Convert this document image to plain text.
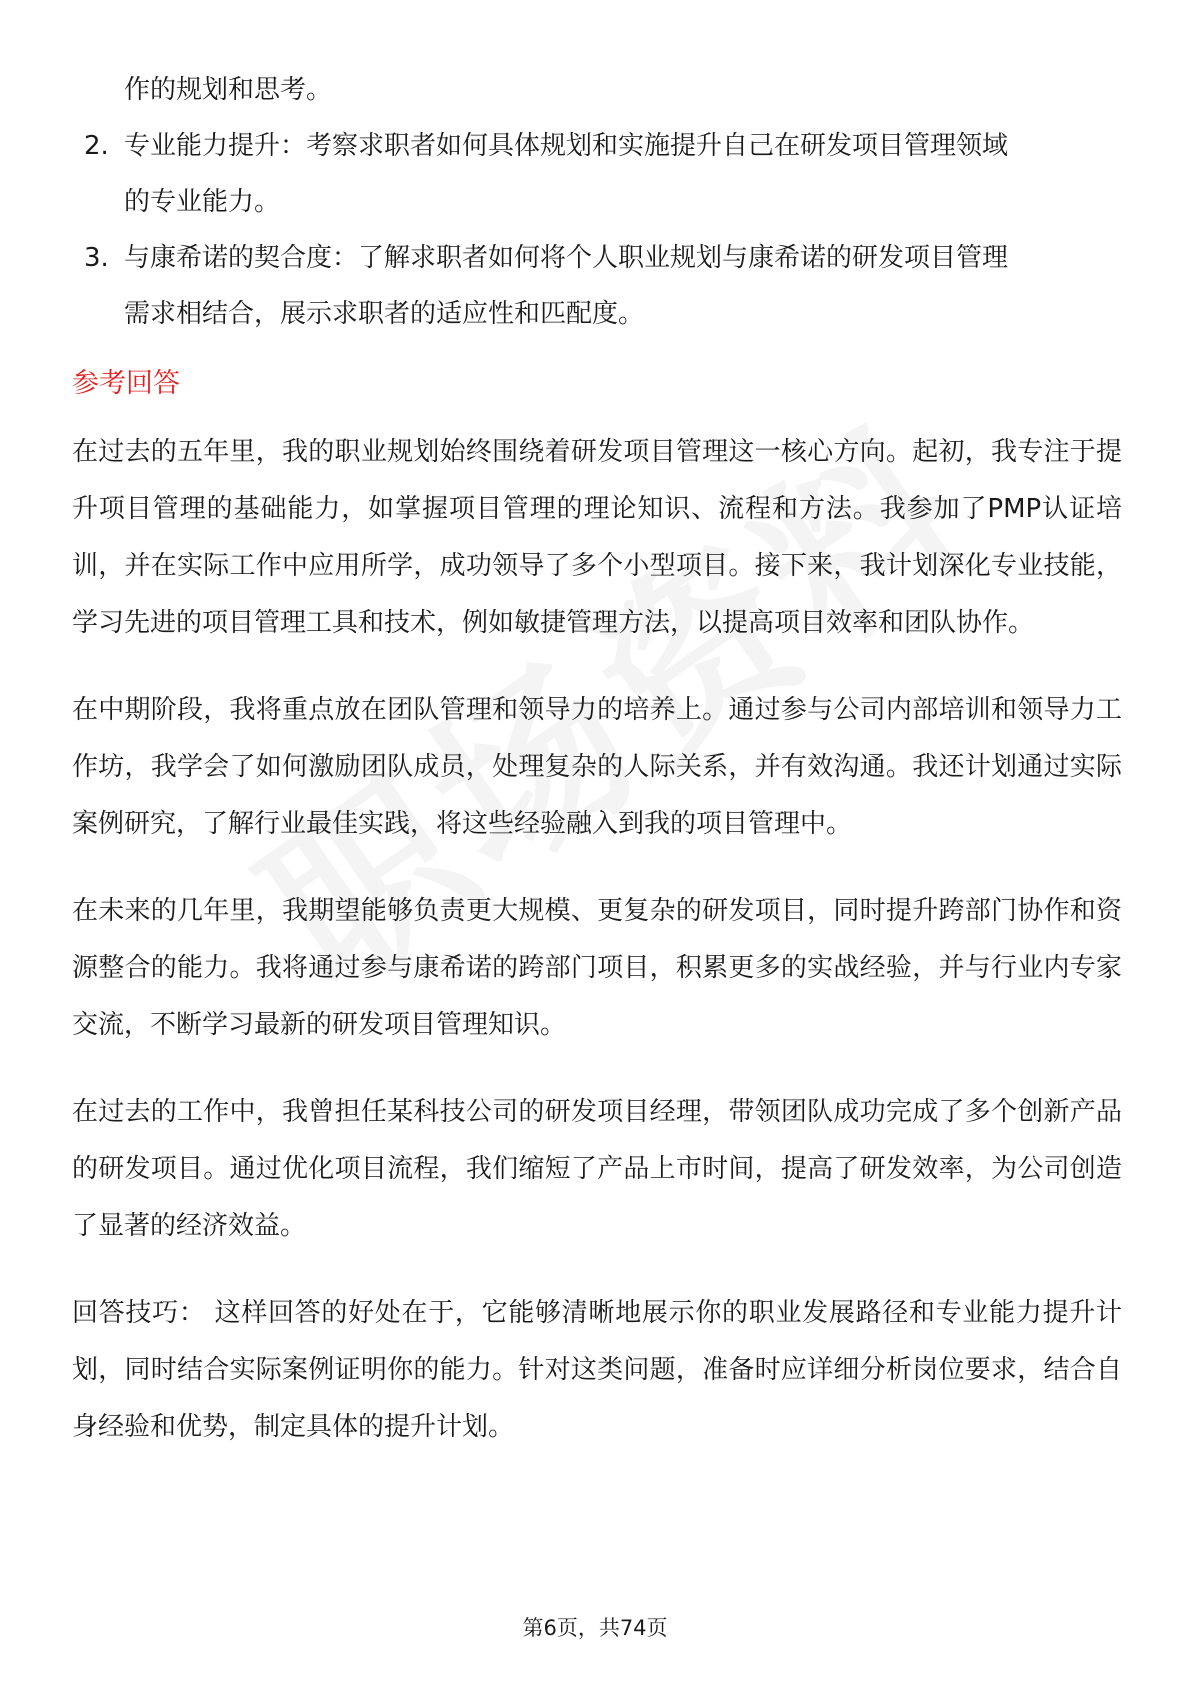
作的规划和思考。

2. 专业能力提升：考察求职者如何具体规划和实施提升自己在研发项目管理领域
的专业能力。
3. 与康希诺的契合度：了解求职者如何将个人职业规划与康希诺的研发项目管理
需求相结合，展示求职者的适应性和匹配度。
参考回答

在过去的五年里，我的职业规划始终围绕着研发项目管理这一核心方向。起初，我专注于提升项目管理的基础能力，如掌握项目管理的理论知识、流程和方法。我参加了PMP认证培训，并在实际工作中应用所学，成功领导了多个小型项目。接下来，我计划深化专业技能，学习先进的项目管理工具和技术，例如敏捷管理方法，以提高项目效率和团队协作。

在中期阶段，我将重点放在团队管理和领导力的培养上。通过参与公司内部培训和领导力工作坊，我学会了如何激励团队成员，处理复杂的人际关系，并有效沟通。我还计划通过实际案例研究，了解行业最佳实践，将这些经验融入到我的项目管理中。

在未来的几年里，我期望能够负责更大规模、更复杂的研发项目，同时提升跨部门协作和资源整合的能力。我将通过参与康希诺的跨部门项目，积累更多的实战经验，并与行业内专家交流，不断学习最新的研发项目管理知识。

在过去的工作中，我曾担任某科技公司的研发项目经理，带领团队成功完成了多个创新产品的研发项目。通过优化项目流程，我们缩短了产品上市时间，提高了研发效率，为公司创造了显著的经济效益。

回答技巧： 这样回答的好处在于，它能够清晰地展示你的职业发展路径和专业能力提升计划，同时结合实际案例证明你的能力。针对这类问题，准备时应详细分析岗位要求，结合自身经验和优势，制定具体的提升计划。

第6页，共74页
